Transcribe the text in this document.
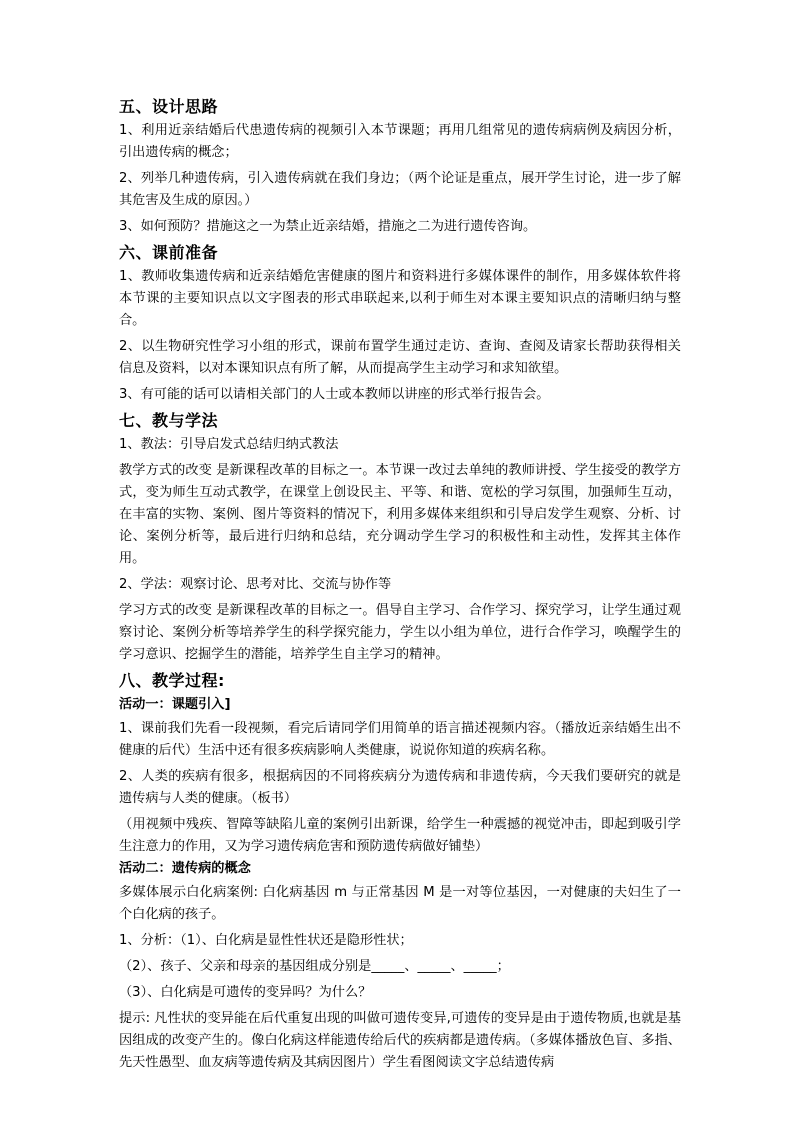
五、设计思路
1、利用近亲结婚后代患遗传病的视频引入本节课题；再用几组常见的遗传病病例及病因分析，引出遗传病的概念；
2、列举几种遗传病，引入遗传病就在我们身边；（两个论证是重点，展开学生讨论，进一步了解其危害及生成的原因。）
3、如何预防？措施这之一为禁止近亲结婚，措施之二为进行遗传咨询。
六、课前准备
1、教师收集遗传病和近亲结婚危害健康的图片和资料进行多媒体课件的制作，用多媒体软件将本节课的主要知识点以文字图表的形式串联起来,以利于师生对本课主要知识点的清晰归纳与整合。
2、以生物研究性学习小组的形式，课前布置学生通过走访、查询、查阅及请家长帮助获得相关信息及资料，以对本课知识点有所了解，从而提高学生主动学习和求知欲望。
3、有可能的话可以请相关部门的人士或本教师以讲座的形式举行报告会。
七、教与学法
1、教法：引导启发式总结归纳式教法
教学方式的改变 是新课程改革的目标之一。本节课一改过去单纯的教师讲授、学生接受的教学方式，变为师生互动式教学，在课堂上创设民主、平等、和谐、宽松的学习氛围，加强师生互动，在丰富的实物、案例、图片等资料的情况下，利用多媒体来组织和引导启发学生观察、分析、讨论、案例分析等，最后进行归纳和总结，充分调动学生学习的积极性和主动性，发挥其主体作用。
2、学法：观察讨论、思考对比、交流与协作等
学习方式的改变 是新课程改革的目标之一。倡导自主学习、合作学习、探究学习，让学生通过观察讨论、案例分析等培养学生的科学探究能力，学生以小组为单位，进行合作学习，唤醒学生的学习意识、挖掘学生的潜能，培养学生自主学习的精神。
八、教学过程:
活动一：课题引入]
1、课前我们先看一段视频，看完后请同学们用简单的语言描述视频内容。（播放近亲结婚生出不健康的后代）生活中还有很多疾病影响人类健康，说说你知道的疾病名称。
2、人类的疾病有很多，根据病因的不同将疾病分为遗传病和非遗传病，今天我们要研究的就是遗传病与人类的健康。（板书）
（用视频中残疾、智障等缺陷儿童的案例引出新课，给学生一种震撼的视觉冲击，即起到吸引学生注意力的作用，又为学习遗传病危害和预防遗传病做好铺垫）
活动二：遗传病的概念
多媒体展示白化病案例: 白化病基因 m 与正常基因 M 是一对等位基因，一对健康的夫妇生了一个白化病的孩子。
1、分析：（1）、白化病是显性性状还是隐形性状；
（2）、孩子、父亲和母亲的基因组成分别是_____、_____、_____；
（3）、白化病是可遗传的变异吗？为什么？
提示: 凡性状的变异能在后代重复出现的叫做可遗传变异,可遗传的变异是由于遗传物质,也就是基因组成的改变产生的。像白化病这样能遗传给后代的疾病都是遗传病。（多媒体播放色盲、多指、先天性愚型、血友病等遗传病及其病因图片）学生看图阅读文字总结遗传病
